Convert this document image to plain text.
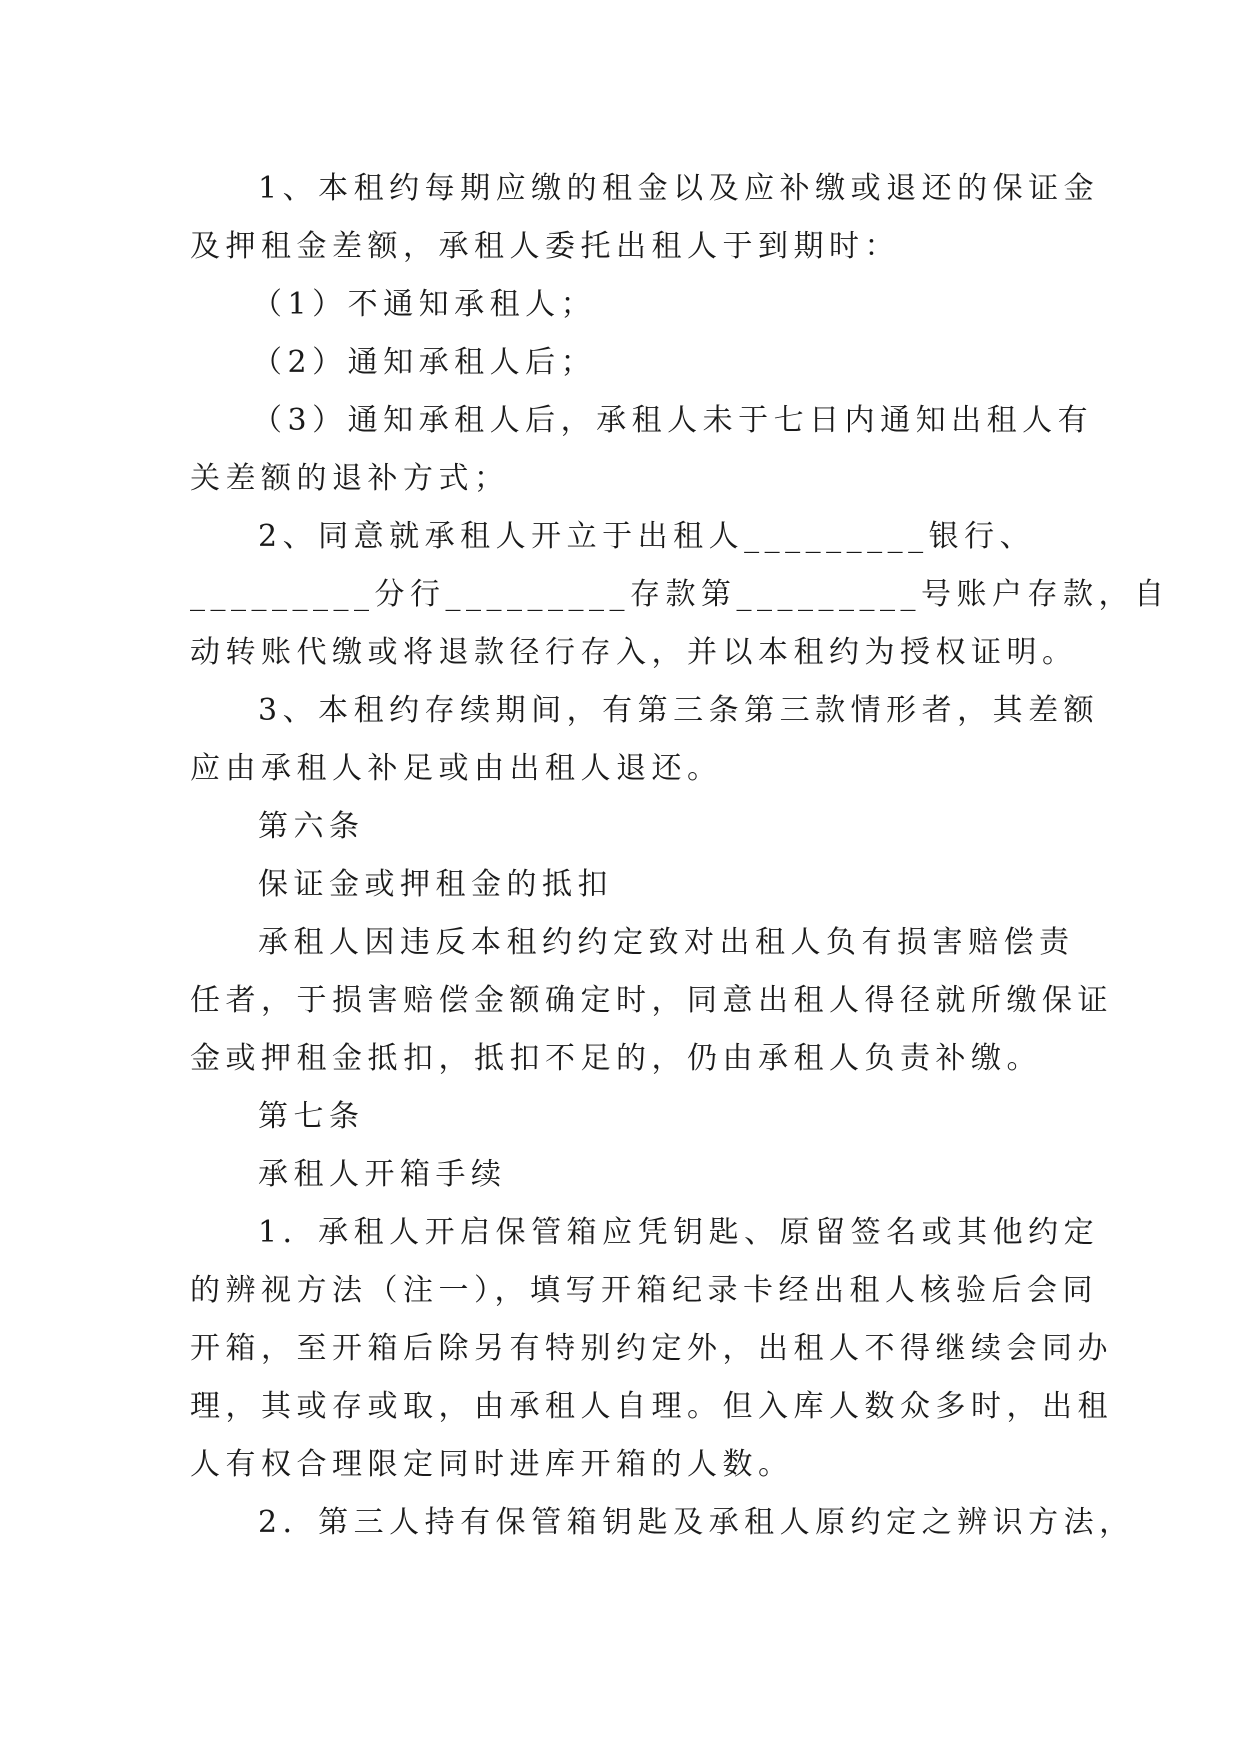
1、本租约每期应缴的租金以及应补缴或退还的保证金

及押租金差额，承租人委托出租人于到期时：

（1）不通知承租人；

（2）通知承租人后；

（3）通知承租人后，承租人未于七日内通知出租人有

关差额的退补方式；

2、同意就承租人开立于出租人_________银行、

_________分行_________存款第_________号账户存款，自

动转账代缴或将退款径行存入，并以本租约为授权证明。

3、本租约存续期间，有第三条第三款情形者，其差额

应由承租人补足或由出租人退还。

第六条

保证金或押租金的抵扣

承租人因违反本租约约定致对出租人负有损害赔偿责

任者，于损害赔偿金额确定时，同意出租人得径就所缴保证

金或押租金抵扣，抵扣不足的，仍由承租人负责补缴。

第七条

承租人开箱手续

1．承租人开启保管箱应凭钥匙、原留签名或其他约定

的辨视方法（注一），填写开箱纪录卡经出租人核验后会同

开箱，至开箱后除另有特别约定外，出租人不得继续会同办

理，其或存或取，由承租人自理。但入库人数众多时，出租

人有权合理限定同时进库开箱的人数。

2．第三人持有保管箱钥匙及承租人原约定之辨识方法，
